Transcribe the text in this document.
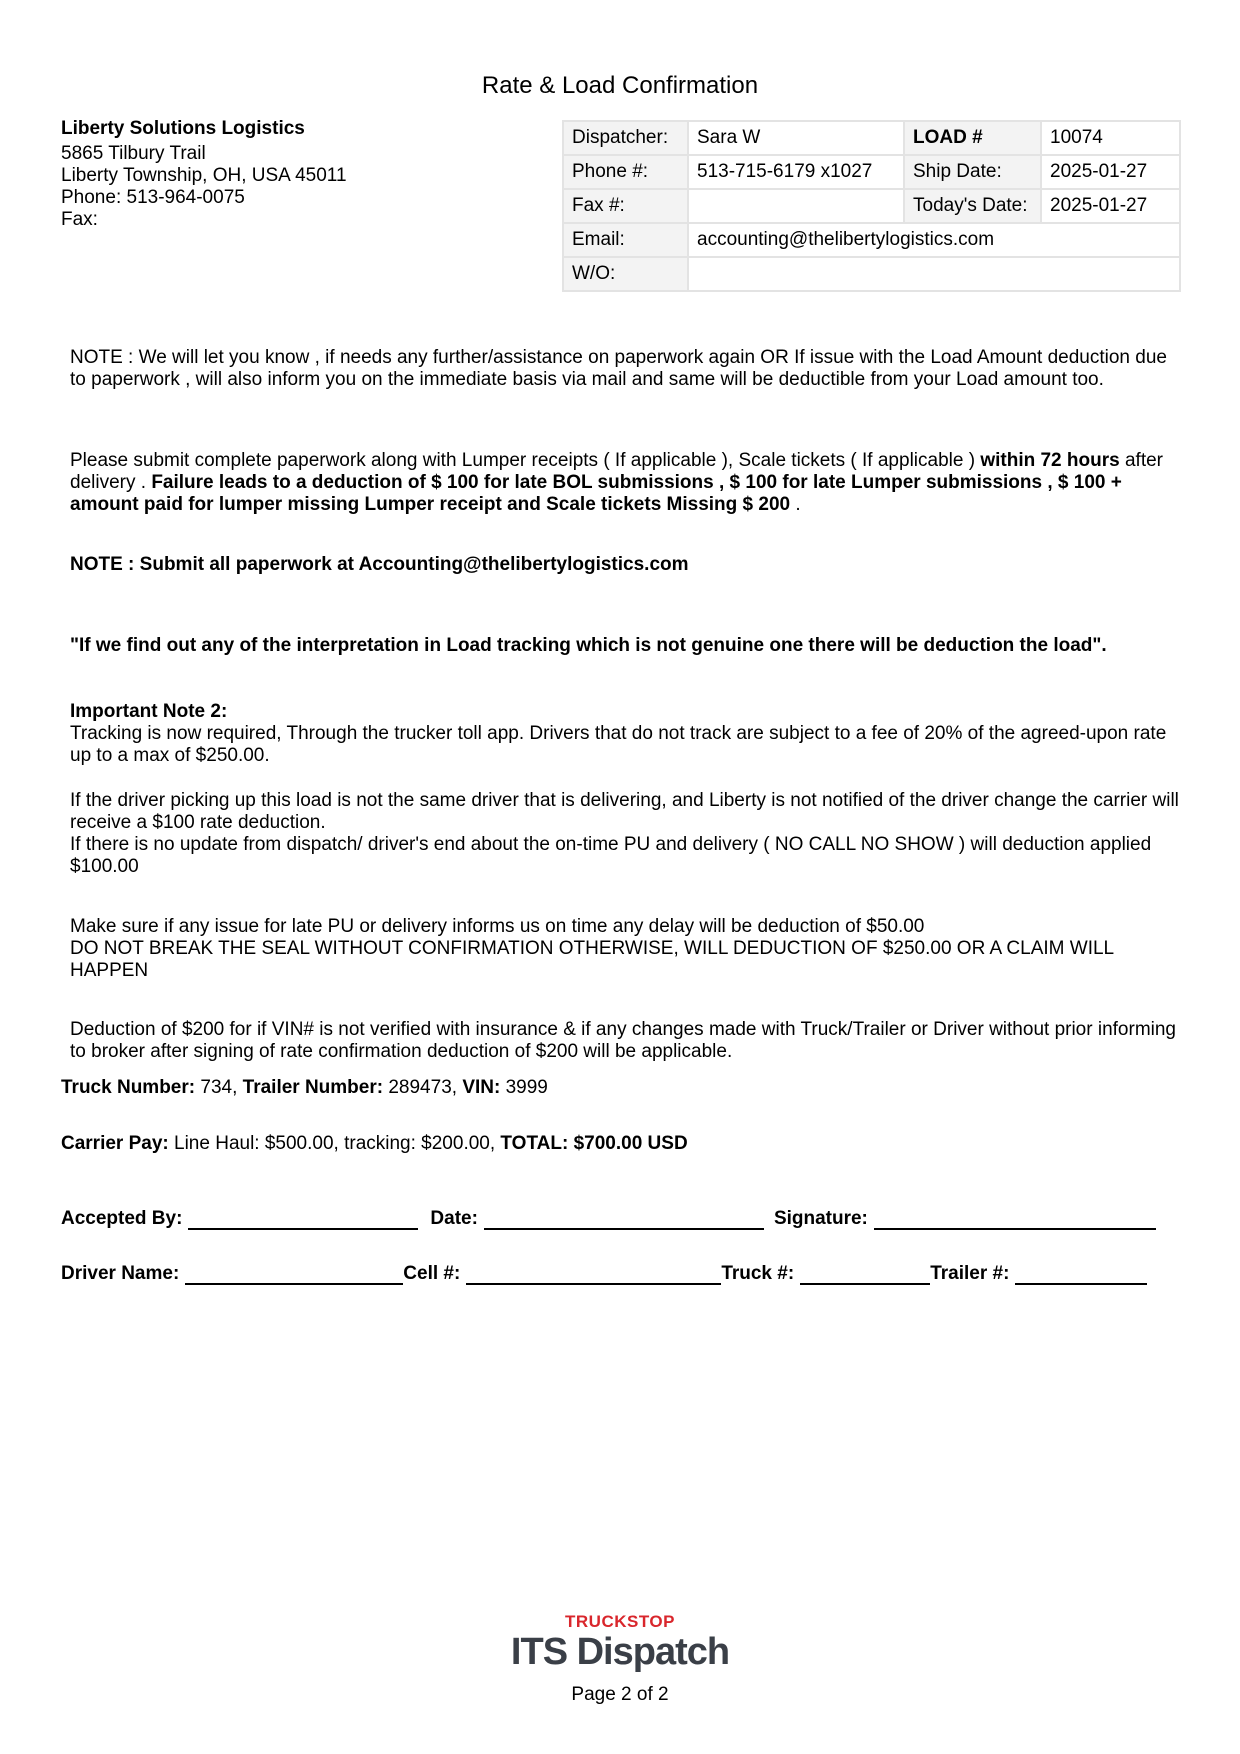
Rate & Load Confirmation
Liberty Solutions Logistics
5865 Tilbury Trail
Liberty Township, OH, USA 45011
Phone: 513-964-0075
Fax:
Dispatcher:	Sara W	LOAD #	10074
Phone #:	513-715-6179 x1027	Ship Date:	2025-01-27
Fax #:		Today's Date:	2025-01-27
Email:	accounting@thelibertylogistics.com		
W/O:			

NOTE : We will let you know , if needs any further/assistance on paperwork again OR If issue with the Load Amount deduction due to paperwork , will also inform you on the immediate basis via mail and same will be deductible from your Load amount too.

Please submit complete paperwork along with Lumper receipts ( If applicable ), Scale tickets ( If applicable ) within 72 hours after delivery . Failure leads to a deduction of $ 100 for late BOL submissions , $ 100 for late Lumper submissions , $ 100 + amount paid for lumper missing Lumper receipt and Scale tickets Missing $ 200 .

NOTE : Submit all paperwork at Accounting@thelibertylogistics.com
"If we find out any of the interpretation in Load tracking which is not genuine one there will be deduction the load".

Important Note 2:

Tracking is now required, Through the trucker toll app. Drivers that do not track are subject to a fee of 20% of the agreed-upon rate up to a max of $250.00.

If the driver picking up this load is not the same driver that is delivering, and Liberty is not notified of the driver change the carrier will receive a $100 rate deduction.

If there is no update from dispatch/ driver's end about the on-time PU and delivery ( NO CALL NO SHOW ) will deduction applied $100.00

Make sure if any issue for late PU or delivery informs us on time any delay will be deduction of $50.00

DO NOT BREAK THE SEAL WITHOUT CONFIRMATION OTHERWISE, WILL DEDUCTION OF $250.00 OR A CLAIM WILL HAPPEN

Deduction of $200 for if VIN# is not verified with insurance & if any changes made with Truck/Trailer or Driver without prior informing to broker after signing of rate confirmation deduction of $200 will be applicable.
Truck Number: 734, Trailer Number: 289473, VIN: 3999
Carrier Pay: Line Haul: $500.00, tracking: $200.00, TOTAL: $700.00 USD
Accepted By:	Date:	Signature:
Driver Name:	Cell #:	Truck #:	Trailer #:
TRUCKSTOP
ITS Dispatch
Page 2 of 2
